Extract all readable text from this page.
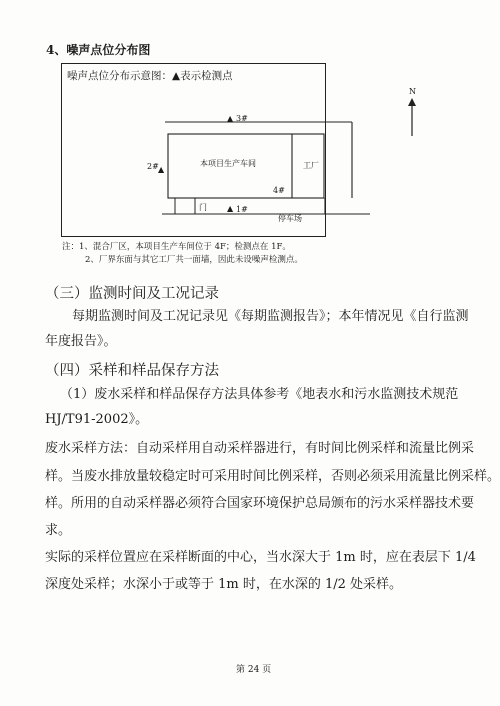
4、噪声点位分布图
噪声点位分布示意图：▲表示检测点
N
▲ 3#
2# ▲
▲ 1#
4#
本项目生产车间	工厂
门
停车场
注：1、混合厂区，本项目生产车间位于 4F；检测点在 1F。
2、厂界东面与其它工厂共一面墙，因此未设噪声检测点。
（三）监测时间及工况记录
每期监测时间及工况记录见《每期监测报告》；本年情况见《自行监测
年度报告》。
（四）采样和样品保存方法
（1）废水采样和样品保存方法具体参考《地表水和污水监测技术规范
HJ/T91-2002》。
废水采样方法：自动采样用自动采样器进行，有时间比例采样和流量比例采
样。当废水排放量较稳定时可采用时间比例采样，否则必须采用流量比例采样。
样。所用的自动采样器必须符合国家环境保护总局颁布的污水采样器技术要
求。
实际的采样位置应在采样断面的中心，当水深大于 1m 时，应在表层下 1/4
深度处采样；水深小于或等于 1m 时，在水深的 1/2 处采样。
第 24 页
